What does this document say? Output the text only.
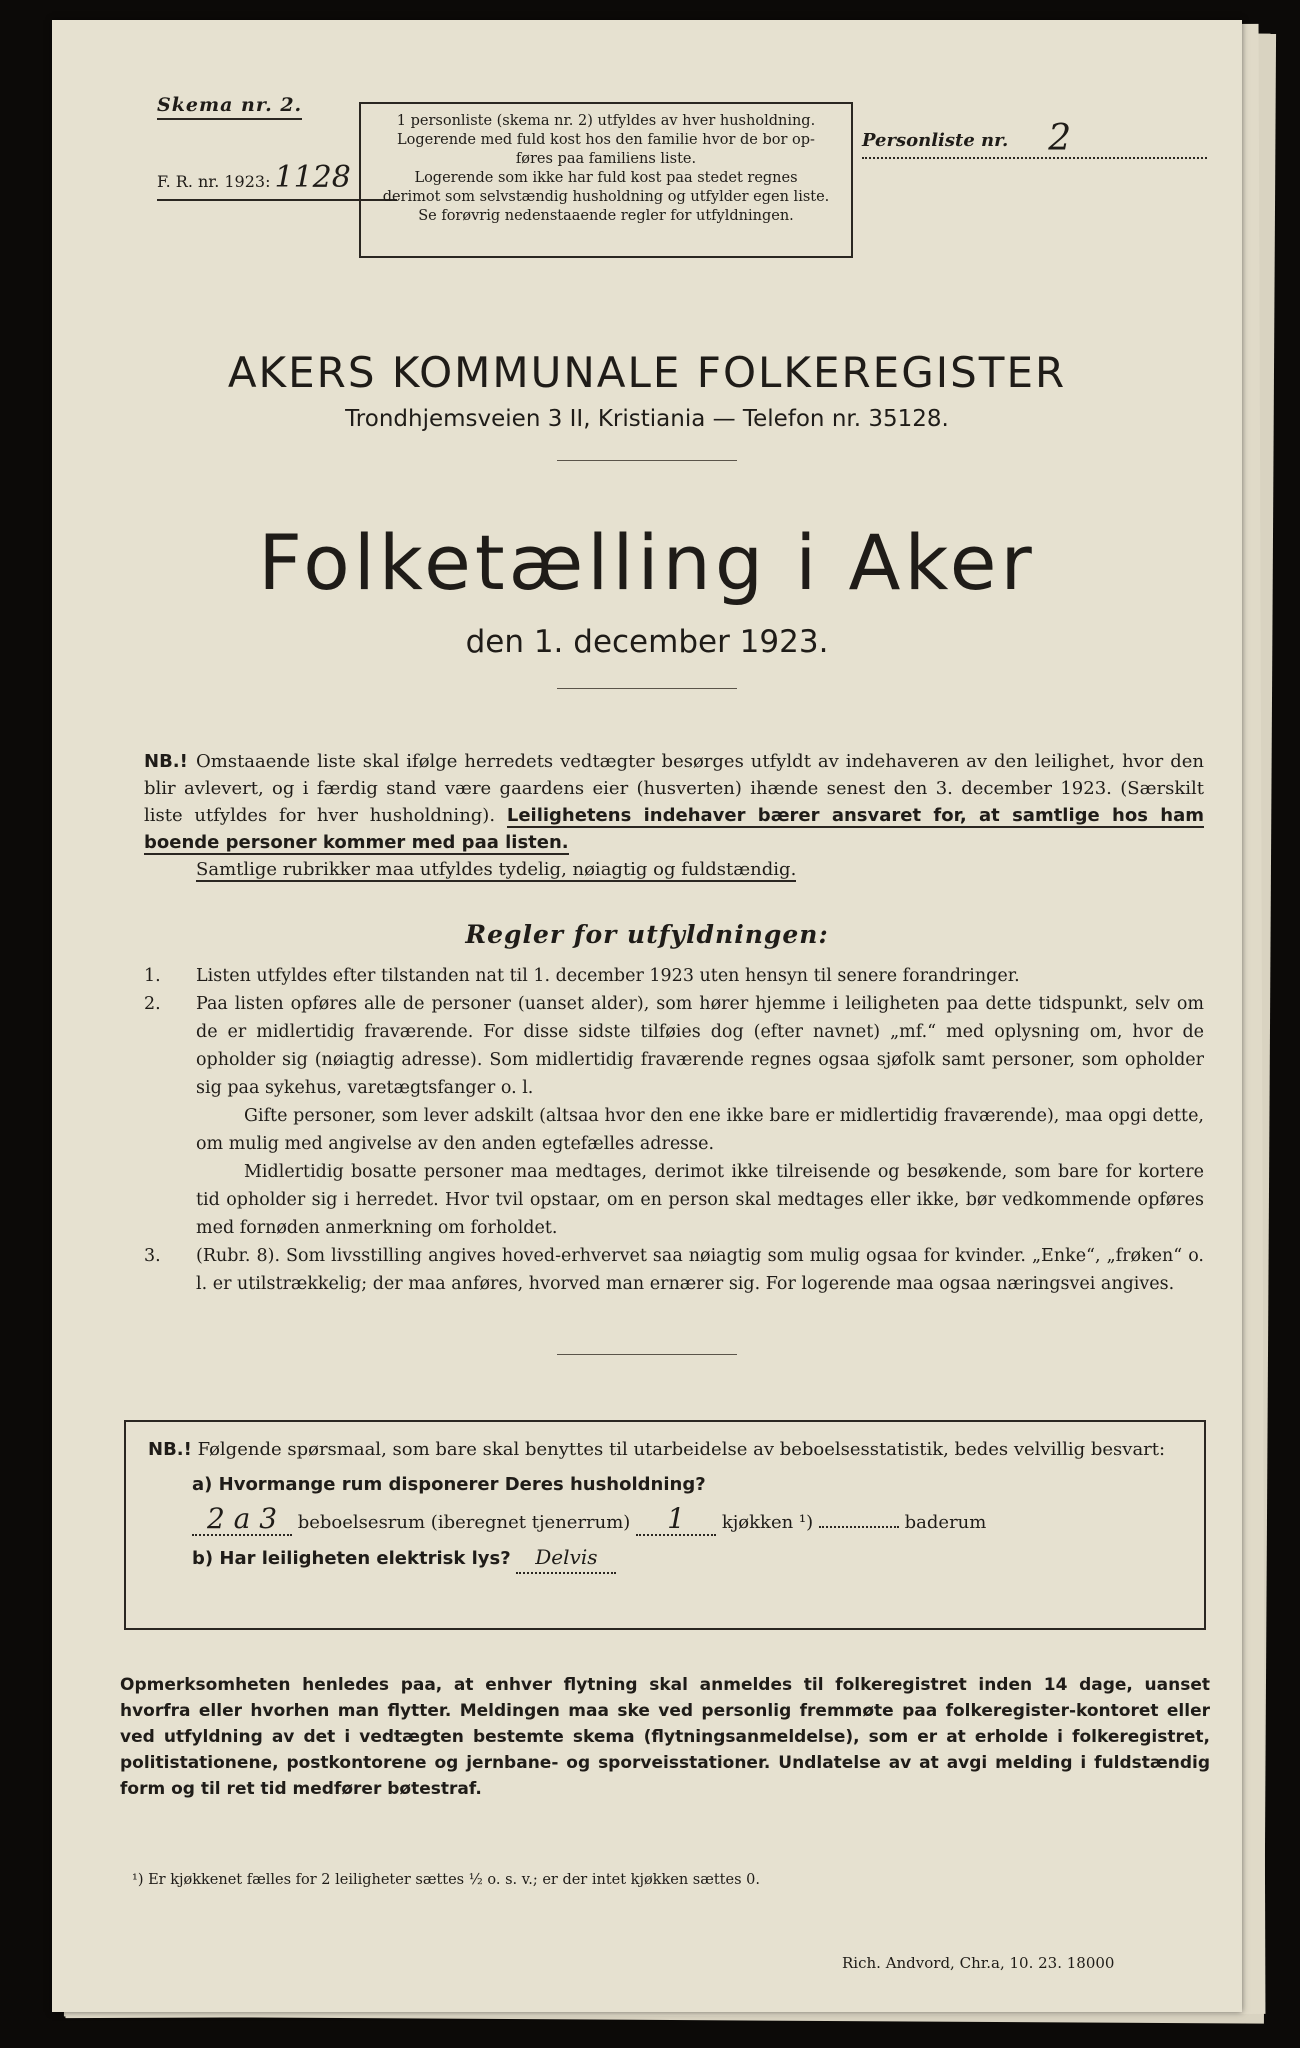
Skema nr. 2.
F. R. nr. 1923: 1128

1 personliste (skema nr. 2) utfyldes av hver husholdning.

Logerende med fuld kost hos den familie hvor de bor op-

føres paa familiens liste.

Logerende som ikke har fuld kost paa stedet regnes

derimot som selvstændig husholdning og utfylder egen liste.

Se forøvrig nedenstaaende regler for utfyldningen.

Personliste nr. 2
AKERS KOMMUNALE FOLKEREGISTER
Trondhjemsveien 3 II, Kristiania — Telefon nr. 35128.
Folketælling i Aker
den 1. december 1923.
NB.! Omstaaende liste skal ifølge herredets vedtægter besørges utfyldt av indehaveren av den leilighet, hvor den blir avlevert, og i færdig stand være gaardens eier (husverten) ihænde senest den 3. december 1923. (Særskilt liste utfyldes for hver husholdning). Leilighetens indehaver bærer ansvaret for, at samtlige hos ham boende personer kommer med paa listen.
Samtlige rubrikker maa utfyldes tydelig, nøiagtig og fuldstændig.
Regler for utfyldningen:
1. Listen utfyldes efter tilstanden nat til 1. december 1923 uten hensyn til senere forandringer.
2. Paa listen opføres alle de personer (uanset alder), som hører hjemme i leiligheten paa dette tidspunkt, selv om de er midlertidig fraværende. For disse sidste tilføies dog (efter navnet) „mf.“ med oplysning om, hvor de opholder sig (nøiagtig adresse). Som midlertidig fraværende regnes ogsaa sjøfolk samt personer, som opholder sig paa sykehus, varetægtsfanger o. l.
Gifte personer, som lever adskilt (altsaa hvor den ene ikke bare er midlertidig fraværende), maa opgi dette, om mulig med angivelse av den anden egtefælles adresse.
Midlertidig bosatte personer maa medtages, derimot ikke tilreisende og besøkende, som bare for kortere tid opholder sig i herredet. Hvor tvil opstaar, om en person skal medtages eller ikke, bør vedkommende opføres med fornøden anmerkning om forholdet.
3. (Rubr. 8). Som livsstilling angives hoved-erhvervet saa nøiagtig som mulig ogsaa for kvinder. „Enke“, „frøken“ o. l. er utilstrækkelig; der maa anføres, hvorved man ernærer sig. For logerende maa ogsaa næringsvei angives.

NB.! Følgende spørsmaal, som bare skal benyttes til utarbeidelse av beboelsesstatistik, bedes velvillig besvart:

a) Hvormange rum disponerer Deres husholdning?

2 a 3 beboelsesrum (iberegnet tjenerrum) 1 kjøkken ¹)	baderum

b) Har leiligheten elektrisk lys? Delvis

Opmerksomheten henledes paa, at enhver flytning skal anmeldes til folkeregistret inden 14 dage, uanset hvorfra eller hvorhen man flytter. Meldingen maa ske ved personlig fremmøte paa folkeregister-kontoret eller ved utfyldning av det i vedtægten bestemte skema (flytningsanmeldelse), som er at erholde i folkeregistret, politistationene, postkontorene og jernbane- og sporveisstationer. Undlatelse av at avgi melding i fuldstændig form og til ret tid medfører bøtestraf.
¹) Er kjøkkenet fælles for 2 leiligheter sættes ½ o. s. v.; er der intet kjøkken sættes 0.
Rich. Andvord, Chr.a, 10. 23. 18000
